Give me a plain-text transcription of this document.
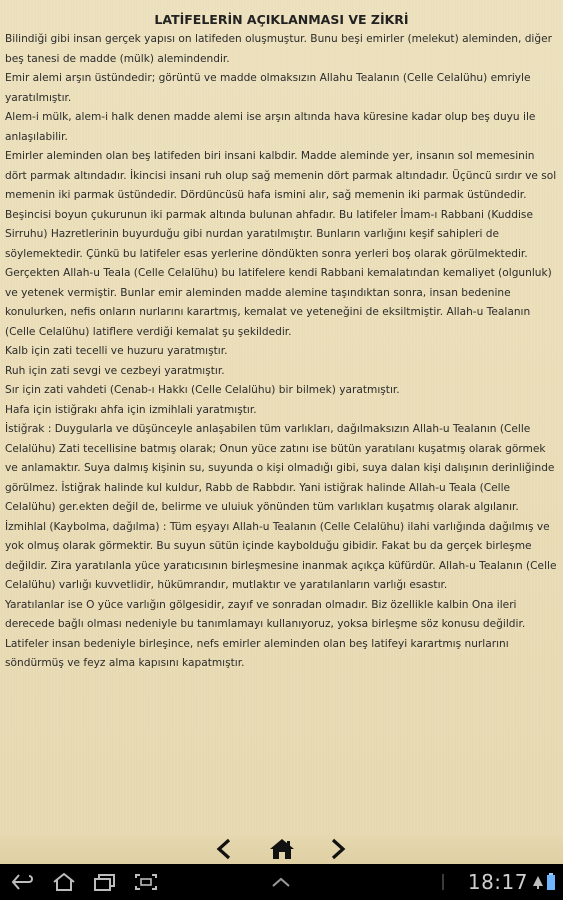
LATİFELERİN AÇIKLANMASI VE ZİKRİ

Bilindiği gibi insan gerçek yapısı on latifeden oluşmuştur. Bunu beşi emirler (melekut) aleminden, diğer beş tanesi de madde (mülk) alemindendir.

Emir alemi arşın üstündedir; görüntü ve madde olmaksızın Allahu Tealanın (Celle Celalühu) emriyle yaratılmıştır.

Alem-i mülk, alem-i halk denen madde alemi ise arşın altında hava küresine kadar olup beş duyu ile anlaşılabilir.

Emirler aleminden olan beş latifeden biri insani kalbdir. Madde aleminde yer, insanın sol memesinin dört parmak altındadır. İkincisi insani ruh olup sağ memenin dört parmak altındadır. Üçüncü sırdır ve sol memenin iki parmak üstündedir. Dördüncüsü hafa ismini alır, sağ memenin iki parmak üstündedir. Beşincisi boyun çukurunun iki parmak altında bulunan ahfadır. Bu latifeler İmam-ı Rabbani (Kuddise Sirruhu) Hazretlerinin buyurduğu gibi nurdan yaratılmıştır. Bunların varlığını keşif sahipleri de söylemektedir. Çünkü bu latifeler esas yerlerine döndükten sonra yerleri boş olarak görülmektedir.

Gerçekten Allah-u Teala (Celle Celalühu) bu latifelere kendi Rabbani kemalatından kemaliyet (olgunluk) ve yetenek vermiştir. Bunlar emir aleminden madde alemine taşındıktan sonra, insan bedenine konulurken, nefis onların nurlarını karartmış, kemalat ve yeteneğini de eksiltmiştir. Allah-u Tealanın (Celle Celalühu) latiflere verdiği kemalat şu şekildedir.

Kalb için zati tecelli ve huzuru yaratmıştır.

Ruh için zati sevgi ve cezbeyi yaratmıştır.

Sır için zati vahdeti (Cenab-ı Hakkı (Celle Celalühu) bir bilmek) yaratmıştır.

Hafa için istiğrakı ahfa için izmihlali yaratmıştır.

İstiğrak : Duygularla ve düşünceyle anlaşabilen tüm varlıkları, dağılmaksızın Allah-u Tealanın (Celle Celalühu) Zati tecellisine batmış olarak; Onun yüce zatını ise bütün yaratılanı kuşatmış olarak görmek ve anlamaktır. Suya dalmış kişinin su, suyunda o kişi olmadığı gibi, suya dalan kişi dalışının derinliğinde görülmez. İstiğrak halinde kul kuldur, Rabb de Rabbdır. Yani istiğrak halinde Allah-u Teala (Celle Celalühu) ger.ekten değil de, belirme ve uluiuk yönünden tüm varlıkları kuşatmış olarak algılanır.

İzmihlal (Kaybolma, dağılma) : Tüm eşyayı Allah-u Tealanın (Celle Celalühu) ilahi varlığında dağılmış ve yok olmuş olarak görmektir. Bu suyun sütün içinde kaybolduğu gibidir. Fakat bu da gerçek birleşme değildir. Zira yaratılanla yüce yaratıcısının birleşmesine inanmak açıkça küfürdür. Allah-u Tealanın (Celle Celalühu) varlığı kuvvetlidir, hükümrandır, mutlaktır ve yaratılanların varlığı esastır.

Yaratılanlar ise O yüce varlığın gölgesidir, zayıf ve sonradan olmadır. Biz özellikle kalbin Ona ileri derecede bağlı olması nedeniyle bu tanımlamayı kullanıyoruz, yoksa birleşme söz konusu değildir.

Latifeler insan bedeniyle birleşince, nefs emirler aleminden olan beş latifeyi karartmış nurlarını söndürmüş ve feyz alma kapısını kapatmıştır.

18:17
